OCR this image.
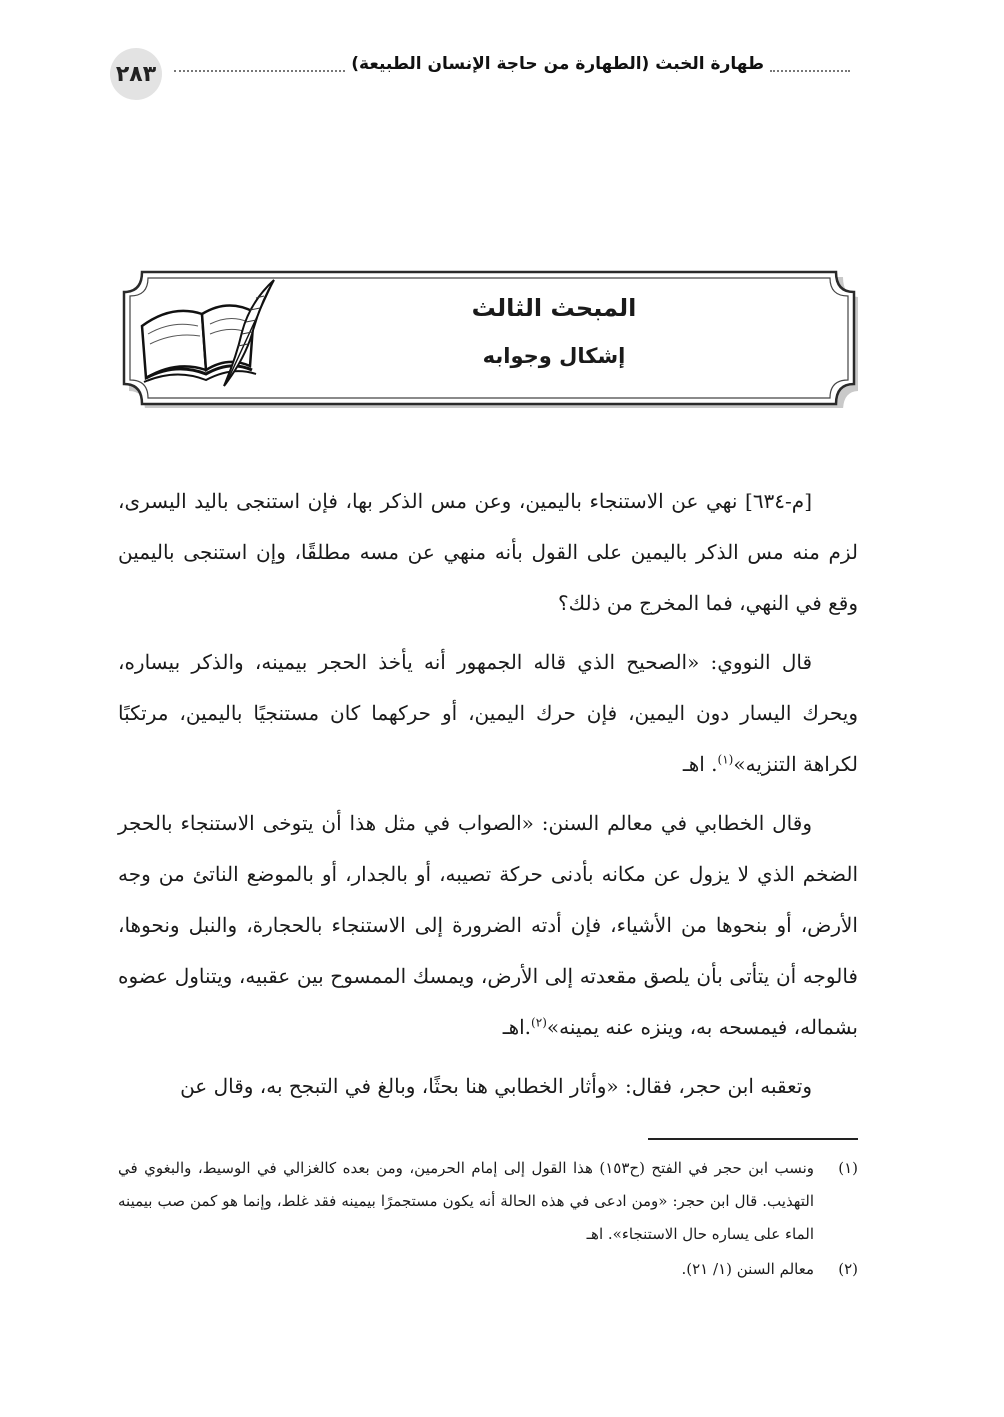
٢٨٣	طهارة الخبث (الطهارة من حاجة الإنسان الطبيعة)
المبحث الثالث
إشكال وجوابه

[م-٦٣٤] نهي عن الاستنجاء باليمين، وعن مس الذكر بها، فإن استنجى باليد اليسرى، لزم منه مس الذكر باليمين على القول بأنه منهي عن مسه مطلقًا، وإن استنجى باليمين وقع في النهي، فما المخرج من ذلك؟

قال النووي: «الصحيح الذي قاله الجمهور أنه يأخذ الحجر بيمينه، والذكر بيساره، ويحرك اليسار دون اليمين، فإن حرك اليمين، أو حركهما كان مستنجيًا باليمين، مرتكبًا لكراهة التنزيه»$^{(١)}$. اهـ

وقال الخطابي في معالم السنن: «الصواب في مثل هذا أن يتوخى الاستنجاء بالحجر الضخم الذي لا يزول عن مكانه بأدنى حركة تصيبه، أو بالجدار، أو بالموضع الناتئ من وجه الأرض، أو بنحوها من الأشياء، فإن أدته الضرورة إلى الاستنجاء بالحجارة، والنبل ونحوها، فالوجه أن يتأتى بأن يلصق مقعدته إلى الأرض، ويمسك الممسوح بين عقبيه، ويتناول عضوه بشماله، فيمسحه به، وينزه عنه يمينه»$^{(٢)}$.اهـ

وتعقبه ابن حجر، فقال: «وأثار الخطابي هنا بحثًا، وبالغ في التبجح به، وقال عن

(١)
ونسب ابن حجر في الفتح (ح١٥٣) هذا القول إلى إمام الحرمين، ومن بعده كالغزالي في الوسيط، والبغوي في التهذيب. قال ابن حجر: «ومن ادعى في هذه الحالة أنه يكون مستجمرًا بيمينه فقد غلط، وإنما هو كمن صب بيمينه الماء على يساره حال الاستنجاء». اهـ
(٢)
معالم السنن (١/ ٢١).
